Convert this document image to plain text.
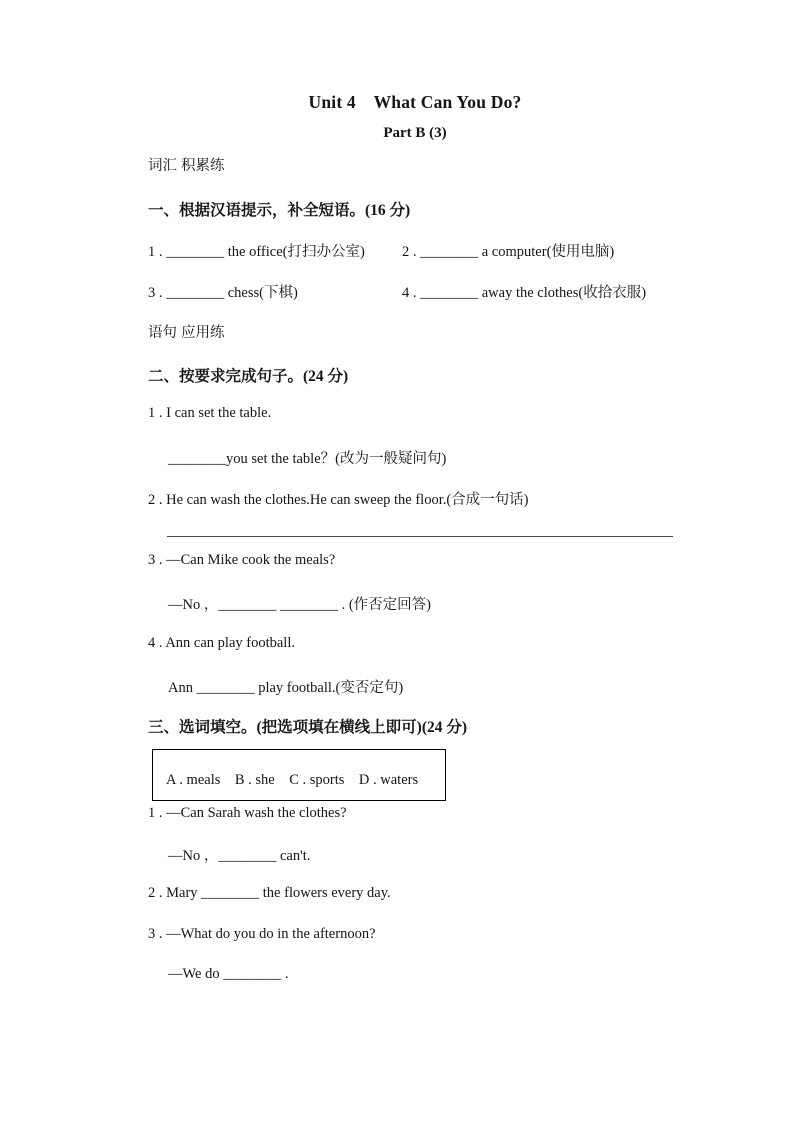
Unit 4　What Can You Do?
Part B (3)
词汇 积累练
一、根据汉语提示，补全短语。(16 分)
1 . ________ the office(打扫办公室)	2 . ________ a computer(使用电脑)
3 . ________ chess(下棋)	4 . ________ away the clothes(收拾衣服)
语句 应用练
二、按要求完成句子。(24 分)
1 . I can set the table.
________you set the table？(改为一般疑问句)
2 . He can wash the clothes.He can sweep the floor.(合成一句话)
3 . —Can Mike cook the meals?
—No ，________ ________ . (作否定回答)
4 . Ann can play football.
Ann ________ play football.(变否定句)
三、选词填空。(把选项填在横线上即可)(24 分)
A . meals　B . she　C . sports　D . waters
1 . —Can Sarah wash the clothes?
—No ，________ can't.
2 . Mary ________ the flowers every day.
3 . —What do you do in the afternoon?
—We do ________ .
